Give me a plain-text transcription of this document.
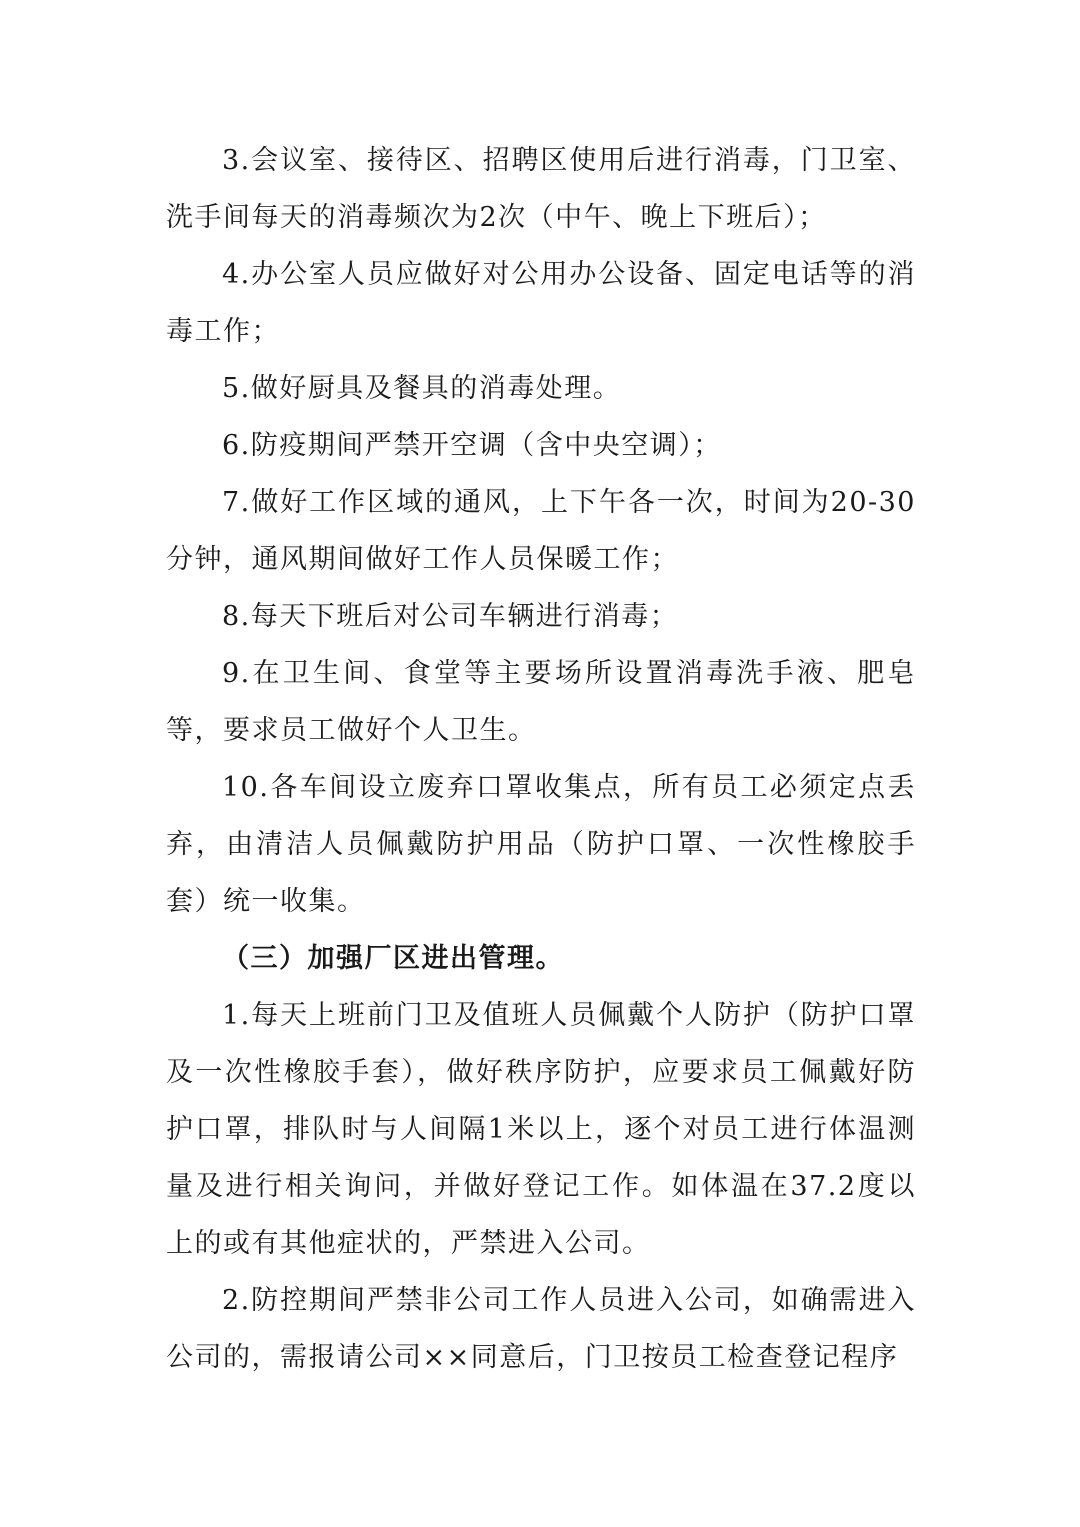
3.会议室、接待区、招聘区使用后进行消毒，门卫室、洗手间每天的消毒频次为2次（中午、晚上下班后）；

4.办公室人员应做好对公用办公设备、固定电话等的消毒工作；

5.做好厨具及餐具的消毒处理。

6.防疫期间严禁开空调（含中央空调）；

7.做好工作区域的通风，上下午各一次，时间为20-30分钟，通风期间做好工作人员保暖工作；

8.每天下班后对公司车辆进行消毒；

9.在卫生间、食堂等主要场所设置消毒洗手液、肥皂等，要求员工做好个人卫生。

10.各车间设立废弃口罩收集点，所有员工必须定点丢弃，由清洁人员佩戴防护用品（防护口罩、一次性橡胶手套）统一收集。

（三）加强厂区进出管理。

1.每天上班前门卫及值班人员佩戴个人防护（防护口罩及一次性橡胶手套），做好秩序防护，应要求员工佩戴好防护口罩，排队时与人间隔1米以上，逐个对员工进行体温测量及进行相关询问，并做好登记工作。如体温在37.2度以上的或有其他症状的，严禁进入公司。

2.防控期间严禁非公司工作人员进入公司，如确需进入公司的，需报请公司××同意后，门卫按员工检查登记程序
